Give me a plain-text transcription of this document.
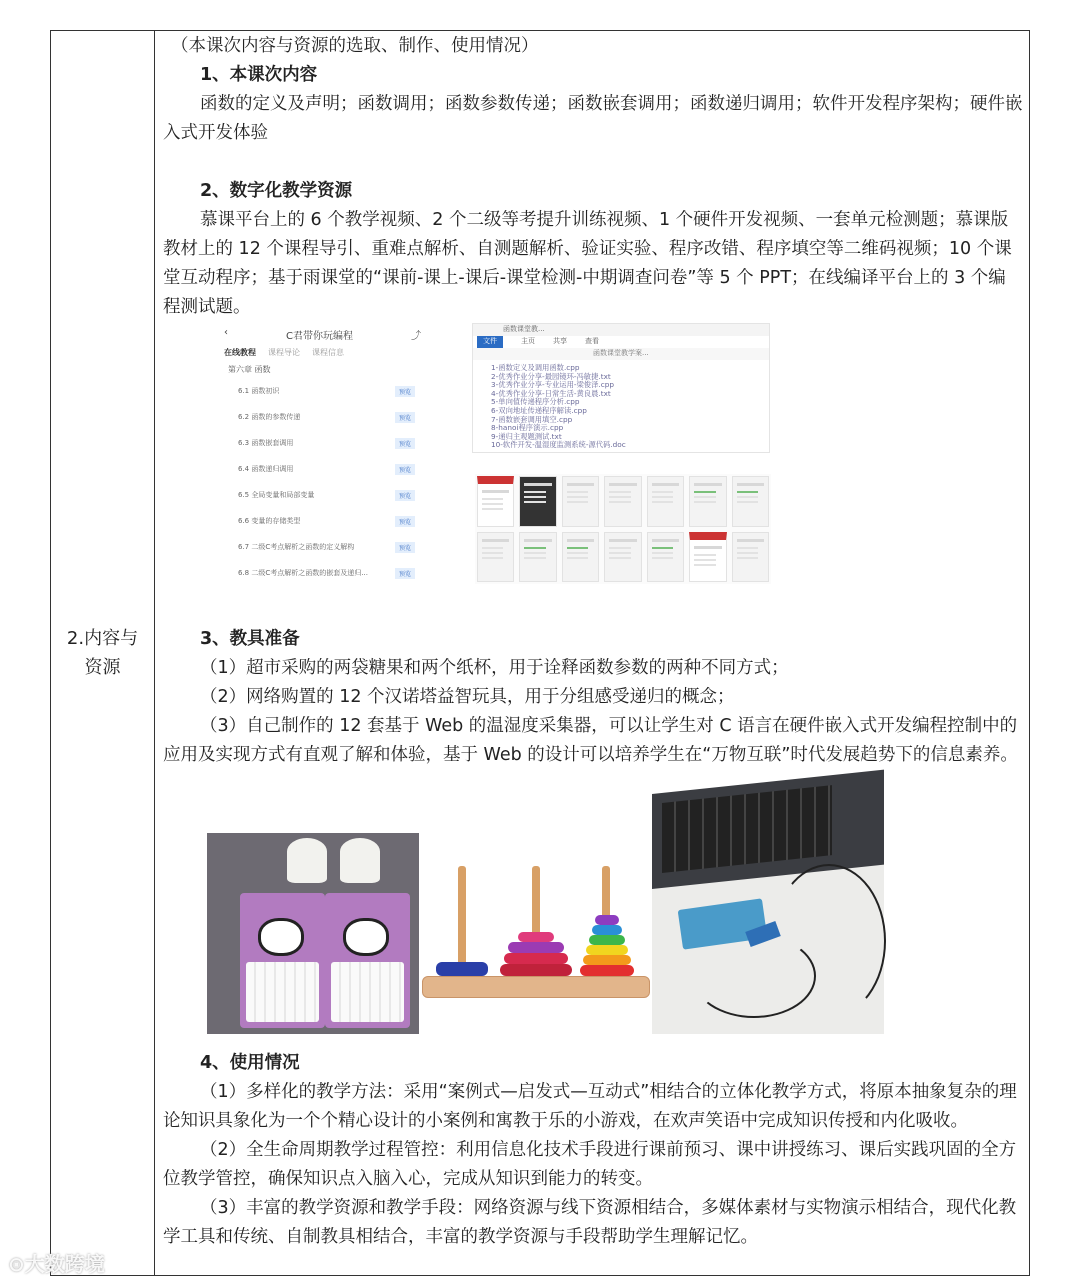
2.内容与
资源

（本课次内容与资源的选取、制作、使用情况）

1、本课次内容

函数的定义及声明；函数调用；函数参数传递；函数嵌套调用；函数递归调用；软件开发程序架构；硬件嵌入式开发体验

2、数字化教学资源

慕课平台上的 6 个教学视频、2 个二级等考提升训练视频、1 个硬件开发视频、一套单元检测题；慕课版教材上的 12 个课程导引、重难点解析、自测题解析、验证实验、程序改错、程序填空等二维码视频；10 个课堂互动程序；基于雨课堂的“课前-课上-课后-课堂检测-中期调查问卷”等 5 个 PPT；在线编译平台上的 3 个编程测试题。

‹	C君带你玩编程	⤴
在线教程 课程导论 课程信息
第六章 函数
6.1 函数初识	预览
6.2 函数的参数传递	预览
6.3 函数嵌套调用	预览
6.4 函数递归调用	预览
6.5 全局变量和局部变量	预览
6.6 变量的存储类型	预览
6.7 二级C考点解析之函数的定义解构	预览
6.8 二级C考点解析之函数的嵌套及递归...	预览
函数课堂教...
文件	主页	共享	查看
函数课堂教学案...
1-函数定义及调用函数.cpp
2-优秀作业分享-最园镜环-冯敏捷.txt
3-优秀作业分享-专业运用-梁俊泽.cpp
4-优秀作业分享-日常生活-黄良晨.txt
5-单向值传递程序分析.cpp
6-双向地址传递程序解读.cpp
7-函数嵌套调用填空.cpp
8-hanoi程序演示.cpp
9-递归主观题测试.txt
10-软件开发-温湿度监测系统-源代码.doc

3、教具准备

（1）超市采购的两袋糖果和两个纸杯，用于诠释函数参数的两种不同方式；

（2）网络购置的 12 个汉诺塔益智玩具，用于分组感受递归的概念；

（3）自己制作的 12 套基于 Web 的温湿度采集器，可以让学生对 C 语言在硬件嵌入式开发编程控制中的应用及实现方式有直观了解和体验，基于 Web 的设计可以培养学生在“万物互联”时代发展趋势下的信息素养。

4、使用情况

（1）多样化的教学方法：采用“案例式—启发式—互动式”相结合的立体化教学方式，将原本抽象复杂的理论知识具象化为一个个精心设计的小案例和寓教于乐的小游戏，在欢声笑语中完成知识传授和内化吸收。

（2）全生命周期教学过程管控：利用信息化技术手段进行课前预习、课中讲授练习、课后实践巩固的全方位教学管控，确保知识点入脑入心，完成从知识到能力的转变。

（3）丰富的教学资源和教学手段：网络资源与线下资源相结合，多媒体素材与实物演示相结合，现代化教学工具和传统、自制教具相结合，丰富的教学资源与手段帮助学生理解记忆。

⊙大数跨境
